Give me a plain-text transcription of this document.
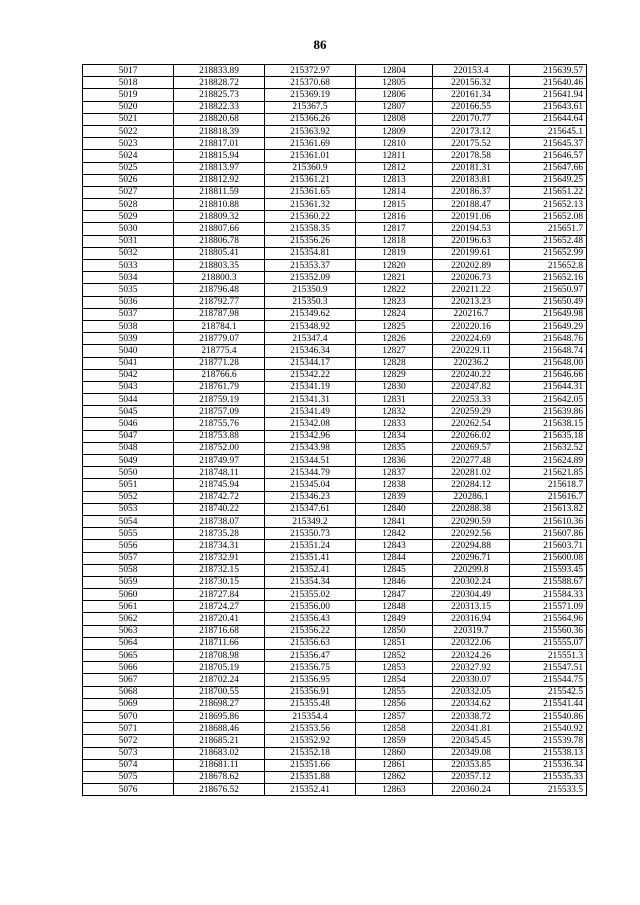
86
5017	218833.89	215372.97	12804	220153.4	215639.57
5018	218828.72	215370.68	12805	220156.32	215640.46
5019	218825.73	215369.19	12806	220161.34	215641.94
5020	218822.33	215367.5	12807	220166.55	215643.61
5021	218820.68	215366.26	12808	220170.77	215644.64
5022	218818.39	215363.92	12809	220173.12	215645.1
5023	218817.01	215361.69	12810	220175.52	215645.37
5024	218815.94	215361.01	12811	220178.58	215646.57
5025	218813.97	215360.9	12812	220181.31	215647.66
5026	218812.92	215361.21	12813	220183.81	215649.25
5027	218811.59	215361.65	12814	220186.37	215651.22
5028	218810.88	215361.32	12815	220188.47	215652.13
5029	218809.32	215360.22	12816	220191.06	215652.08
5030	218807.66	215358.35	12817	220194.53	215651.7
5031	218806.78	215356.26	12818	220196.63	215652.48
5032	218805.41	215354.81	12819	220199.61	215652.99
5033	218803.35	215353.37	12820	220202.89	215652.8
5034	218800.3	215352.09	12821	220206.73	215652.16
5035	218796.48	215350.9	12822	220211.22	215650.97
5036	218792.77	215350.3	12823	220213.23	215650.49
5037	218787.98	215349.62	12824	220216.7	215649.98
5038	218784.1	215348.92	12825	220220.16	215649.29
5039	218779.07	215347.4	12826	220224.69	215648.76
5040	218775.4	215346.34	12827	220229.11	215648.74
5041	218771.28	215344.17	12828	220236.2	215648.00
5042	218766.6	215342.22	12829	220240.22	215646.66
5043	218761.79	215341.19	12830	220247.82	215644.31
5044	218759.19	215341.31	12831	220253.33	215642.05
5045	218757.09	215341.49	12832	220259.29	215639.86
5046	218755.76	215342.08	12833	220262.54	215638.15
5047	218753.88	215342.96	12834	220266.02	215635.18
5048	218752.00	215343.98	12835	220269.57	215632.52
5049	218749.97	215344.51	12836	220277.48	215624.89
5050	218748.11	215344.79	12837	220281.02	215621.85
5051	218745.94	215345.04	12838	220284.12	215618.7
5052	218742.72	215346.23	12839	220286.1	215616.7
5053	218740.22	215347.61	12840	220288.38	215613.82
5054	218738.07	215349.2	12841	220290.59	215610.36
5055	218735.28	215350.73	12842	220292.56	215607.86
5056	218734.31	215351.24	12843	220294.88	215603.71
5057	218732.91	215351.41	12844	220296.71	215600.08
5058	218732.15	215352.41	12845	220299.8	215593.45
5059	218730.15	215354.34	12846	220302.24	215588.67
5060	218727.84	215355.02	12847	220304.49	215584.33
5061	218724.27	215356.00	12848	220313.15	215571.09
5062	218720.41	215356.43	12849	220316.94	215564.96
5063	218716.68	215356.22	12850	220319.7	215560.36
5064	218711.66	215356.63	12851	220322.06	215555.07
5065	218708.98	215356.47	12852	220324.26	215551.3
5066	218705.19	215356.75	12853	220327.92	215547.51
5067	218702.24	215356.95	12854	220330.07	215544.75
5068	218700.55	215356.91	12855	220332.05	215542.5
5069	218698.27	215355.48	12856	220334.62	215541.44
5070	218695.86	215354.4	12857	220338.72	215540.86
5071	218688.46	215353.56	12858	220341.81	215540.92
5072	218685.21	215352.92	12859	220345.45	215539.78
5073	218683.02	215352.18	12860	220349.08	215538.13
5074	218681.11	215351.66	12861	220353.85	215536.34
5075	218678.62	215351.88	12862	220357.12	215535.33
5076	218676.52	215352.41	12863	220360.24	215533.5
